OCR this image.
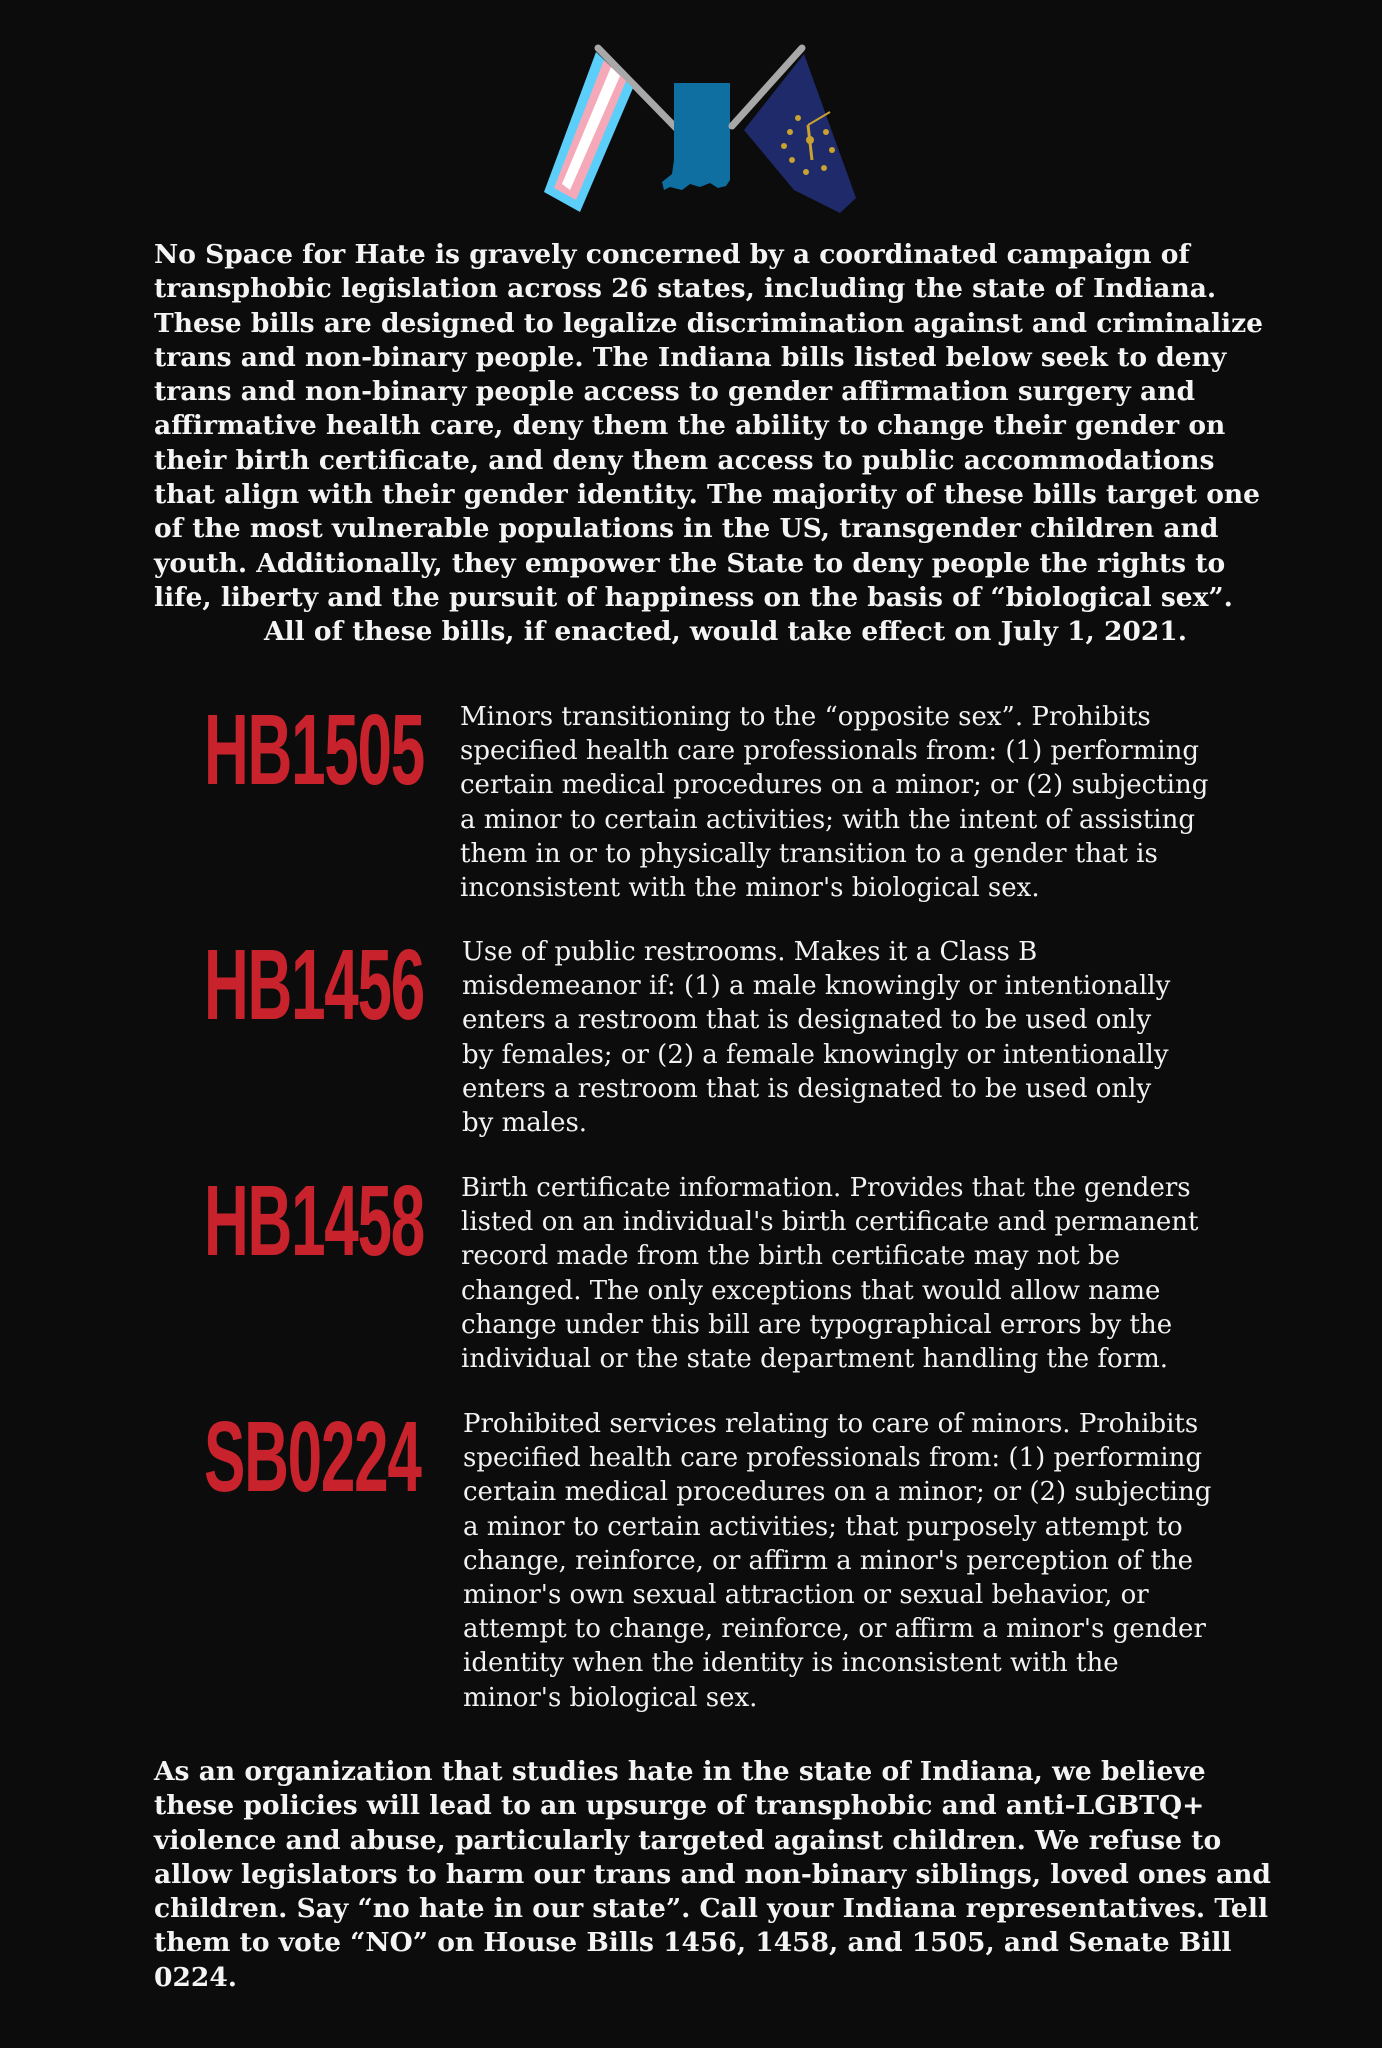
No Space for Hate is gravely concerned by a coordinated campaign of transphobic legislation across 26 states, including the state of Indiana. These bills are designed to legalize discrimination against and criminalize trans and non-binary people. The Indiana bills listed below seek to deny trans and non-binary people access to gender affirmation surgery and affirmative health care, deny them the ability to change their gender on their birth certificate, and deny them access to public accommodations that align with their gender identity. The majority of these bills target one of the most vulnerable populations in the US, transgender children and youth. Additionally, they empower the State to deny people the rights to life, liberty and the pursuit of happiness on the basis of “biological sex”.
All of these bills, if enacted, would take effect on July 1, 2021.

HB1505 Minors transitioning to the “opposite sex”. Prohibits specified health care professionals from: (1) performing certain medical procedures on a minor; or (2) subjecting a minor to certain activities; with the intent of assisting them in or to physically transition to a gender that is inconsistent with the minor's biological sex.

HB1456 Use of public restrooms. Makes it a Class B misdemeanor if: (1) a male knowingly or intentionally enters a restroom that is designated to be used only by females; or (2) a female knowingly or intentionally enters a restroom that is designated to be used only by males.

HB1458 Birth certificate information. Provides that the genders listed on an individual's birth certificate and permanent record made from the birth certificate may not be changed. The only exceptions that would allow name change under this bill are typographical errors by the individual or the state department handling the form.

SB0224 Prohibited services relating to care of minors. Prohibits specified health care professionals from: (1) performing certain medical procedures on a minor; or (2) subjecting a minor to certain activities; that purposely attempt to change, reinforce, or affirm a minor's perception of the minor's own sexual attraction or sexual behavior, or attempt to change, reinforce, or affirm a minor's gender identity when the identity is inconsistent with the minor's biological sex.

As an organization that studies hate in the state of Indiana, we believe these policies will lead to an upsurge of transphobic and anti-LGBTQ+ violence and abuse, particularly targeted against children. We refuse to allow legislators to harm our trans and non-binary siblings, loved ones and children. Say “no hate in our state”. Call your Indiana representatives. Tell them to vote “NO” on House Bills 1456, 1458, and 1505, and Senate Bill 0224.
